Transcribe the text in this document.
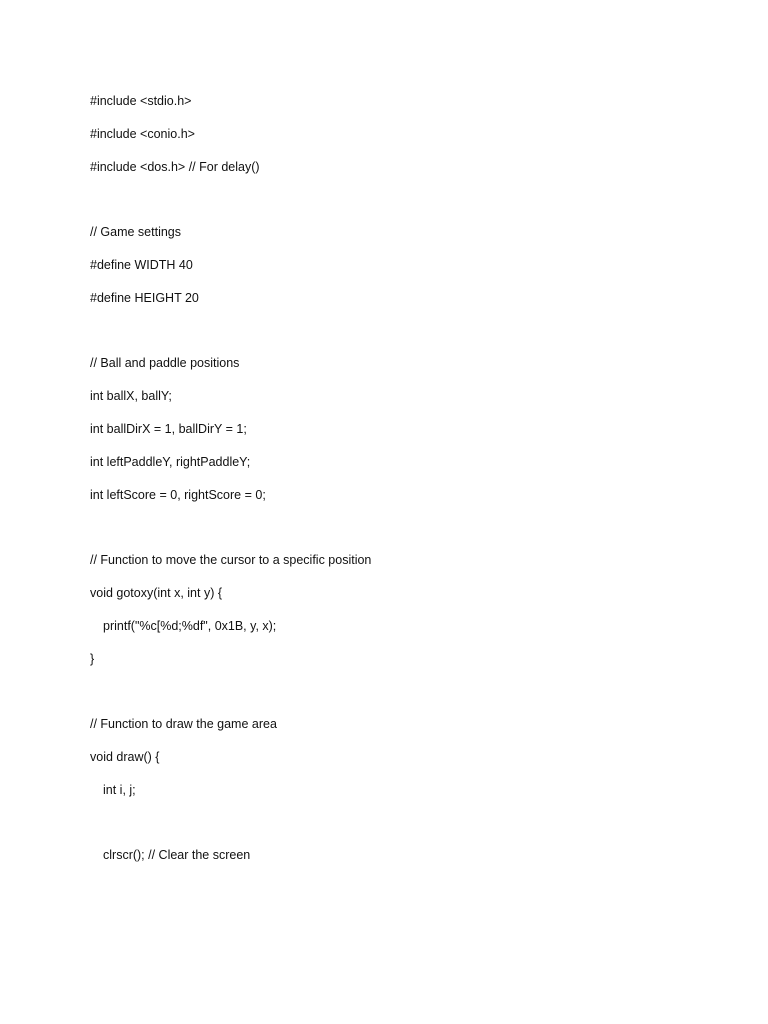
#include <stdio.h>
#include <conio.h>
#include <dos.h> // For delay()
// Game settings
#define WIDTH 40
#define HEIGHT 20
// Ball and paddle positions
int ballX, ballY;
int ballDirX = 1, ballDirY = 1;
int leftPaddleY, rightPaddleY;
int leftScore = 0, rightScore = 0;
// Function to move the cursor to a specific position
void gotoxy(int x, int y) {
printf("%c[%d;%df", 0x1B, y, x);
}
// Function to draw the game area
void draw() {
int i, j;
clrscr(); // Clear the screen
